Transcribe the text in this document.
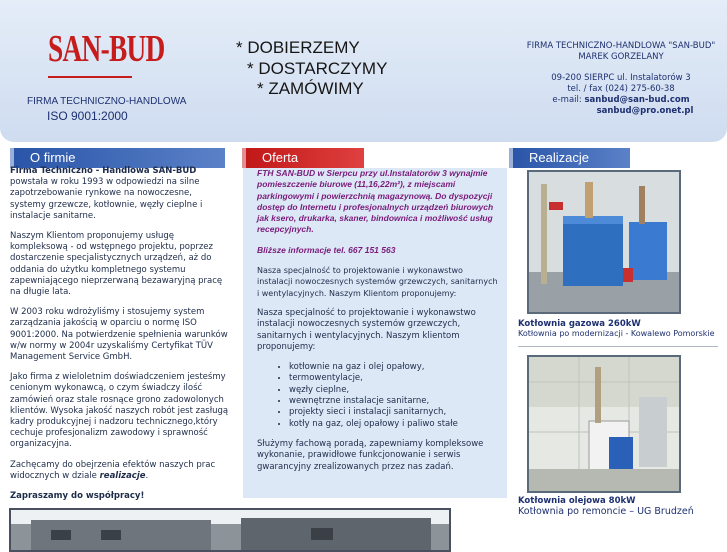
SAN-BUD
FIRMA TECHNICZNO-HANDLOWA
ISO 9001:2000
* DOBIERZEMY
* DOSTARCZYMY
* ZAMÓWIMY
FIRMA TECHNICZNO-HANDLOWA "SAN-BUD"
MAREK GORZELANY
09-200 SIERPC ul. Instalatorów 3
tel. / fax (024) 275-60-38
e-mail: sanbud@san-bud.com
sanbud@pro.onet.pl
O firmie	Oferta	Realizacje

Firma Techniczno - Handlowa SAN-BUD

powstała w roku 1993 w odpowiedzi na silne zapotrzebowanie rynkowe na nowoczesne, systemy grzewcze, kotłownie, węzły cieplne i instalacje sanitarne.

Naszym Klientom proponujemy usługę kompleksową - od wstępnego projektu, poprzez dostarczenie specjalistycznych urządzeń, aż do oddania do użytku kompletnego systemu zapewniającego nieprzerwaną bezawaryjną pracę na długie lata.

W 2003 roku wdrożyliśmy i stosujemy system zarządzania jakością w oparciu o normę ISO 9001:2000. Na potwierdzenie spełnienia warunków w/w normy w 2004r uzyskaliśmy Certyfikat TÜV Management Service GmbH.

Jako firma z wieloletnim doświadczeniem jesteśmy cenionym wykonawcą, o czym świadczy ilość zamówień oraz stale rosnące grono zadowolonych klientów. Wysoka jakość naszych robót jest zasługą kadry produkcyjnej i nadzoru technicznego,który cechuje profesjonalizm zawodowy i sprawność organizacyjna.

Zachęcamy do obejrzenia efektów naszych prac widocznych w dziale realizacje.

Zapraszamy do współpracy!

FTH SAN-BUD w Sierpcu przy ul.Instalatorów 3 wynajmie pomieszczenie biurowe (11,16,22m²), z miejscami parkingowymi i powierzchnią magazynową. Do dyspozycji dostęp do Internetu i profesjonalnych urządzeń biurowych jak ksero, drukarka, skaner, bindownica i możliwość usług recepcyjnych.

Bliższe informacje tel. 667 151 563

Nasza specjalność to projektowanie i wykonawstwo instalacji nowoczesnych systemów grzewczych, sanitarnych i wentylacyjnych. Naszym Klientom proponujemy:

Nasza specjalność to projektowanie i wykonawstwo instalacji nowoczesnych systemów grzewczych, sanitarnych i wentylacyjnych. Naszym klientom proponujemy:

• kotłownie na gaz i olej opałowy,
• termowentylacje,
• węzły cieplne,
• wewnętrzne instalacje sanitarne,
• projekty sieci i instalacji sanitarnych,
• kotły na gaz, olej opałowy i paliwo stałe

Służymy fachową poradą, zapewniamy kompleksowe wykonanie, prawidłowe funkcjonowanie i serwis gwarancyjny zrealizowanych przez nas zadań.

Kotłownia gazowa 260kW
Kotłownia po modernizacji - Kowalewo Pomorskie
Kotłownia olejowa 80kW
Kotłownia po remoncie – UG Brudzeń
